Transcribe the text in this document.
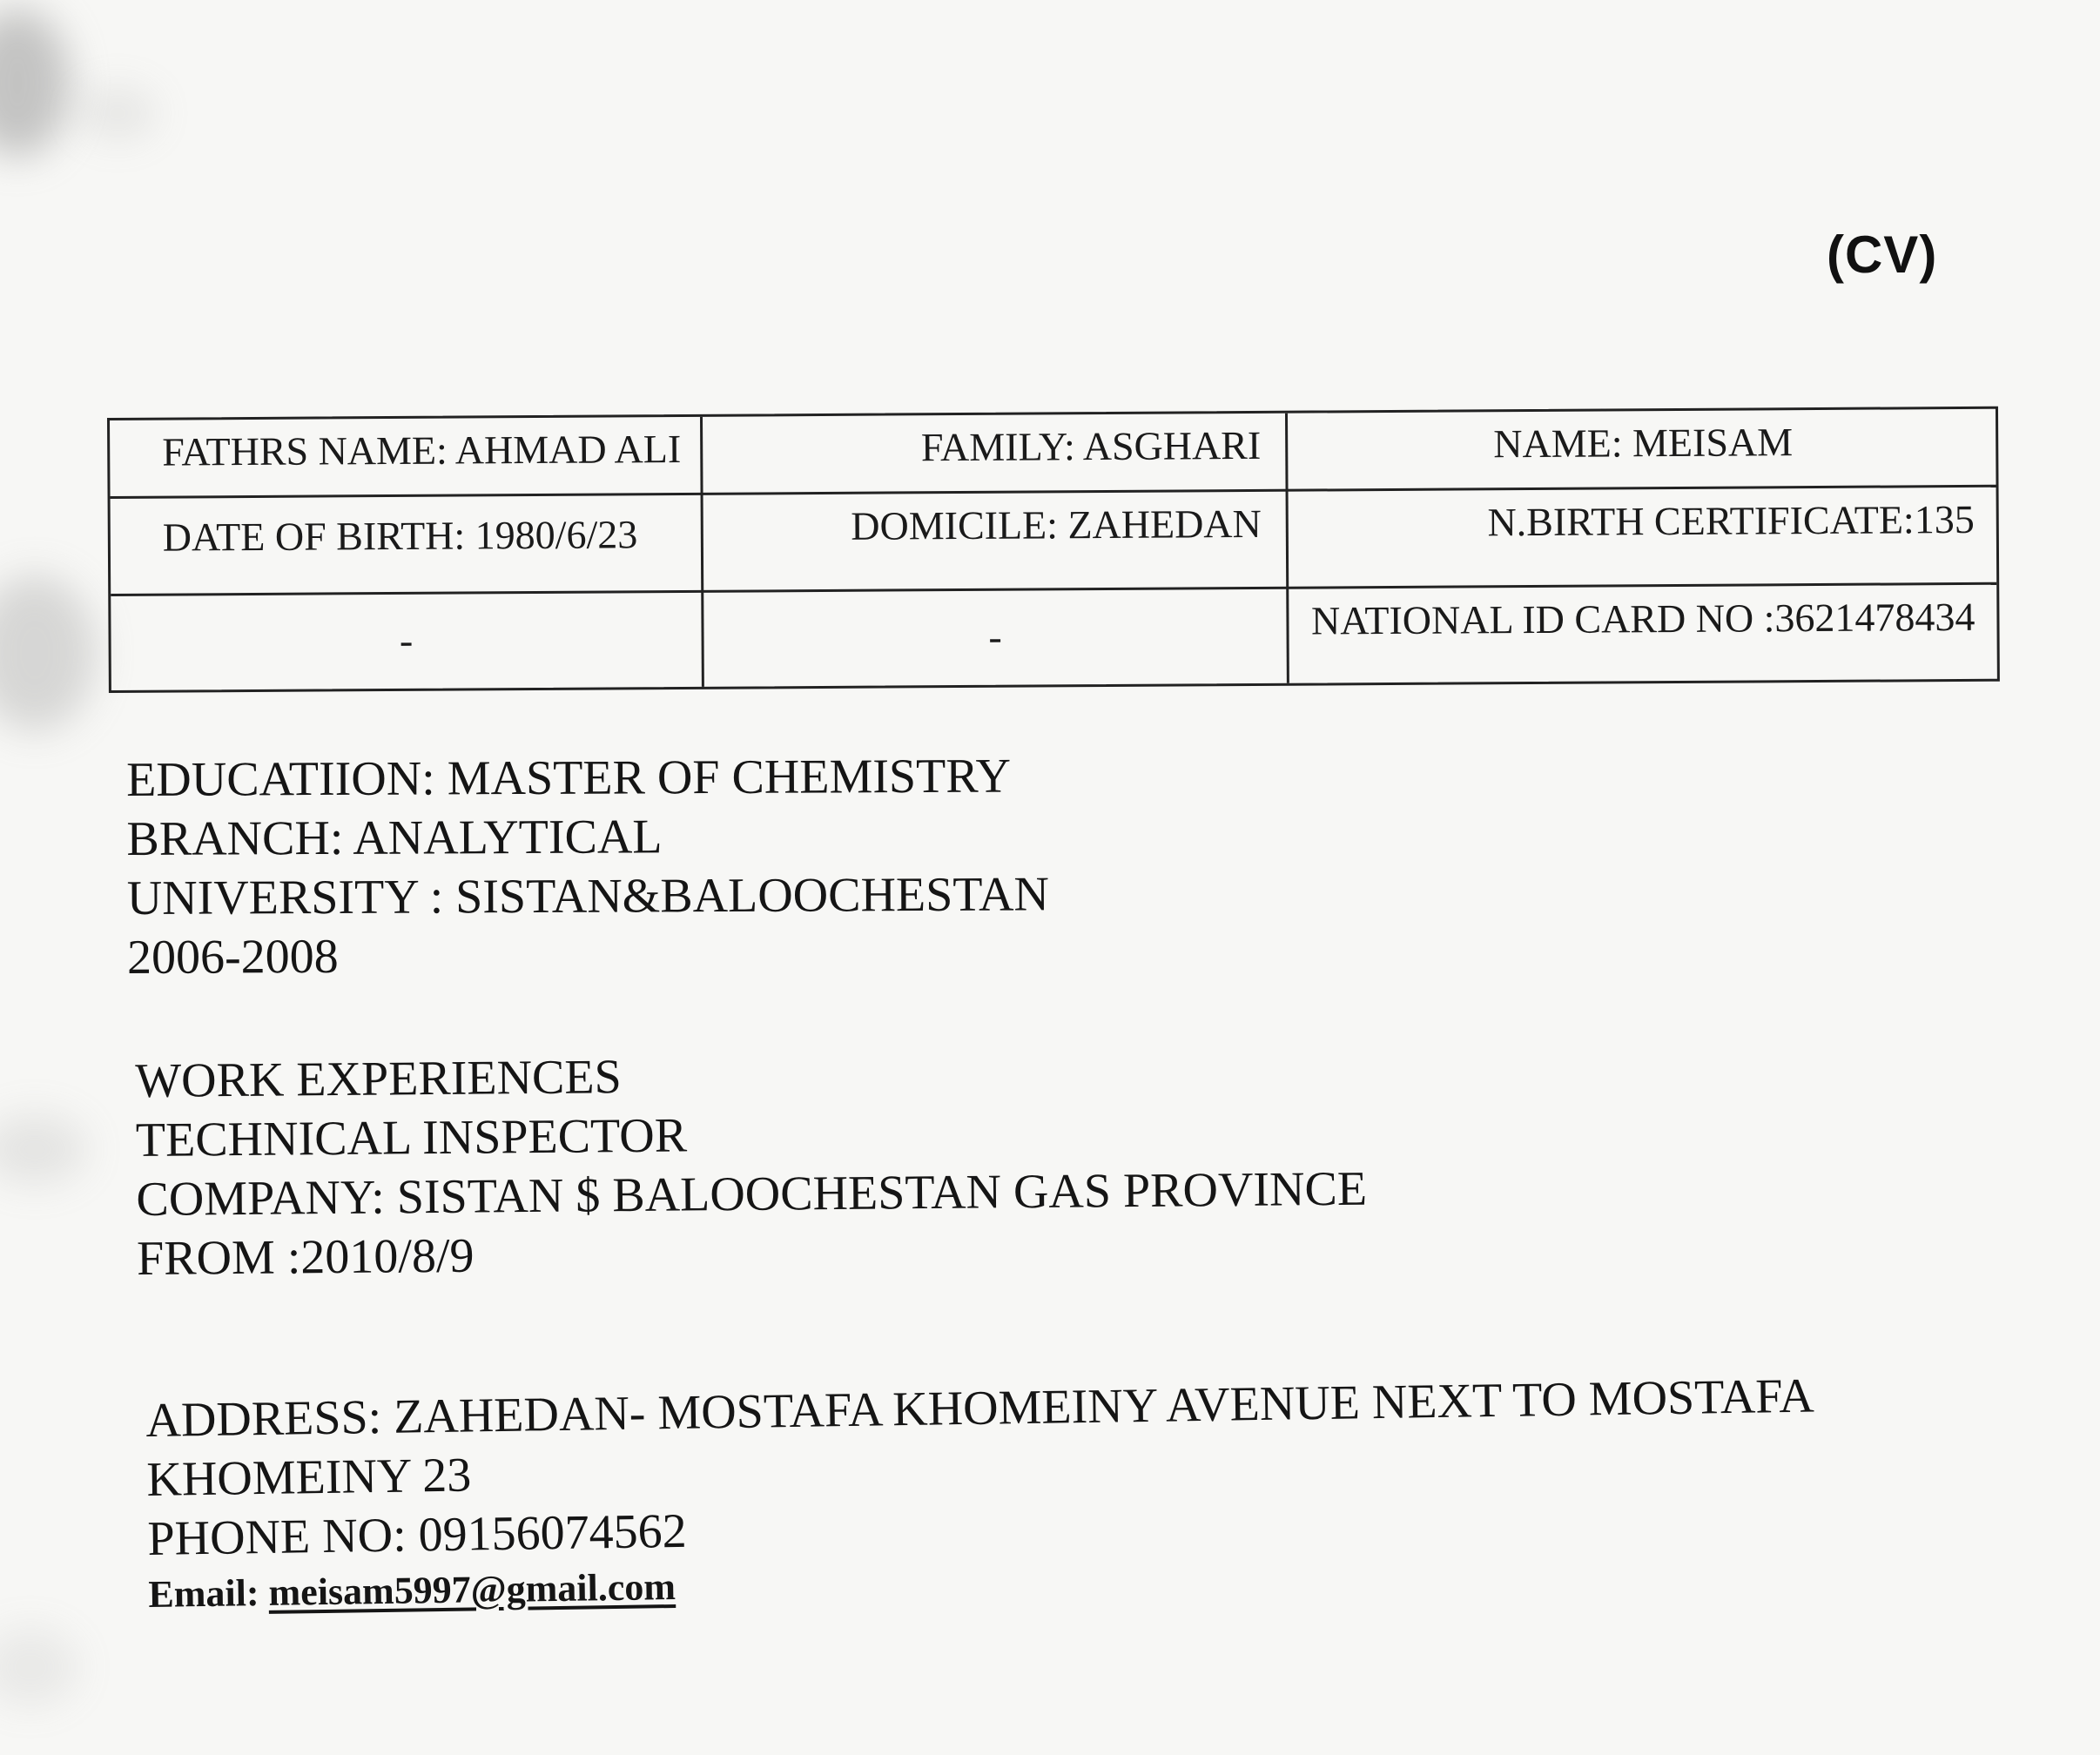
(CV)
FATHRS NAME: AHMAD ALI	FAMILY: ASGHARI	NAME: MEISAM
DATE OF BIRTH: 1980/6/23	DOMICILE: ZAHEDAN	N.BIRTH CERTIFICATE:135
-	-	NATIONAL ID CARD NO :3621478434
EDUCATIION: MASTER OF CHEMISTRY
BRANCH: ANALYTICAL
UNIVERSITY : SISTAN&BALOOCHESTAN
2006-2008
WORK EXPERIENCES
TECHNICAL INSPECTOR
COMPANY: SISTAN $ BALOOCHESTAN GAS PROVINCE
FROM :2010/8/9
ADDRESS: ZAHEDAN- MOSTAFA KHOMEINY AVENUE NEXT TO MOSTAFA
KHOMEINY 23
PHONE NO: 09156074562
Email: meisam5997@gmail.com
